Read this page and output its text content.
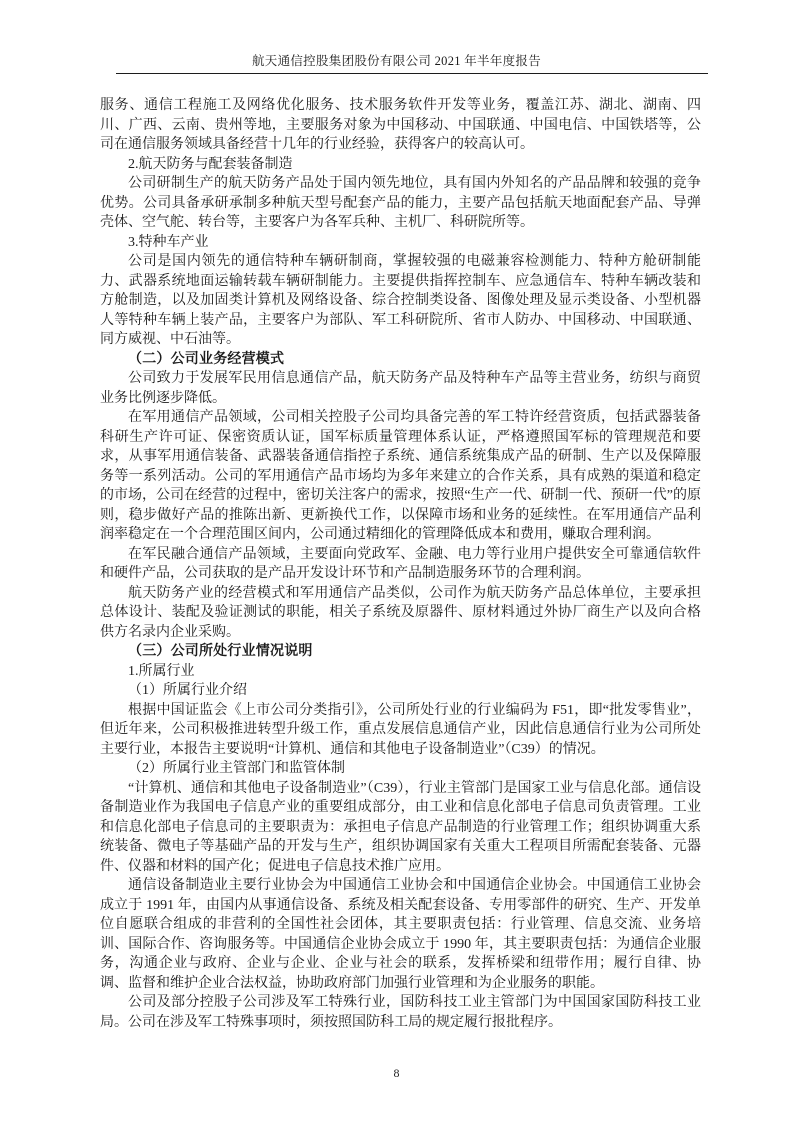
航天通信控股集团股份有限公司 2021 年半年度报告

服务、通信工程施工及网络优化服务、技术服务软件开发等业务，覆盖江苏、湖北、湖南、四川、广西、云南、贵州等地，主要服务对象为中国移动、中国联通、中国电信、中国铁塔等，公司在通信服务领域具备经营十几年的行业经验，获得客户的较高认可。

2.航天防务与配套装备制造

公司研制生产的航天防务产品处于国内领先地位，具有国内外知名的产品品牌和较强的竞争优势。公司具备承研承制多种航天型号配套产品的能力，主要产品包括航天地面配套产品、导弹壳体、空气舵、转台等，主要客户为各军兵种、主机厂、科研院所等。

3.特种车产业

公司是国内领先的通信特种车辆研制商，掌握较强的电磁兼容检测能力、特种方舱研制能力、武器系统地面运输转载车辆研制能力。主要提供指挥控制车、应急通信车、特种车辆改装和方舱制造，以及加固类计算机及网络设备、综合控制类设备、图像处理及显示类设备、小型机器人等特种车辆上装产品，主要客户为部队、军工科研院所、省市人防办、中国移动、中国联通、同方威视、中石油等。

（二）公司业务经营模式

公司致力于发展军民用信息通信产品，航天防务产品及特种车产品等主营业务，纺织与商贸业务比例逐步降低。

在军用通信产品领域，公司相关控股子公司均具备完善的军工特许经营资质，包括武器装备科研生产许可证、保密资质认证，国军标质量管理体系认证，严格遵照国军标的管理规范和要求，从事军用通信装备、武器装备通信指控子系统、通信系统集成产品的研制、生产以及保障服务等一系列活动。公司的军用通信产品市场均为多年来建立的合作关系，具有成熟的渠道和稳定的市场，公司在经营的过程中，密切关注客户的需求，按照“生产一代、研制一代、预研一代”的原则，稳步做好产品的推陈出新、更新换代工作，以保障市场和业务的延续性。在军用通信产品利润率稳定在一个合理范围区间内，公司通过精细化的管理降低成本和费用，赚取合理利润。

在军民融合通信产品领域，主要面向党政军、金融、电力等行业用户提供安全可靠通信软件和硬件产品，公司获取的是产品开发设计环节和产品制造服务环节的合理利润。

航天防务产业的经营模式和军用通信产品类似，公司作为航天防务产品总体单位，主要承担总体设计、装配及验证测试的职能，相关子系统及原器件、原材料通过外协厂商生产以及向合格供方名录内企业采购。

（三）公司所处行业情况说明

1.所属行业

（1）所属行业介绍

根据中国证监会《上市公司分类指引》，公司所处行业的行业编码为 F51，即“批发零售业”，但近年来，公司积极推进转型升级工作，重点发展信息通信产业，因此信息通信行业为公司所处主要行业，本报告主要说明“计算机、通信和其他电子设备制造业”（C39）的情况。

（2）所属行业主管部门和监管体制

“计算机、通信和其他电子设备制造业”（C39），行业主管部门是国家工业与信息化部。通信设备制造业作为我国电子信息产业的重要组成部分，由工业和信息化部电子信息司负责管理。工业和信息化部电子信息司的主要职责为：承担电子信息产品制造的行业管理工作；组织协调重大系统装备、微电子等基础产品的开发与生产，组织协调国家有关重大工程项目所需配套装备、元器件、仪器和材料的国产化；促进电子信息技术推广应用。

通信设备制造业主要行业协会为中国通信工业协会和中国通信企业协会。中国通信工业协会成立于 1991 年，由国内从事通信设备、系统及相关配套设备、专用零部件的研究、生产、开发单位自愿联合组成的非营利的全国性社会团体，其主要职责包括：行业管理、信息交流、业务培训、国际合作、咨询服务等。中国通信企业协会成立于 1990 年，其主要职责包括：为通信企业服务，沟通企业与政府、企业与企业、企业与社会的联系，发挥桥梁和纽带作用；履行自律、协调、监督和维护企业合法权益，协助政府部门加强行业管理和为企业服务的职能。

公司及部分控股子公司涉及军工特殊行业，国防科技工业主管部门为中国国家国防科技工业局。公司在涉及军工特殊事项时，须按照国防科工局的规定履行报批程序。

8
